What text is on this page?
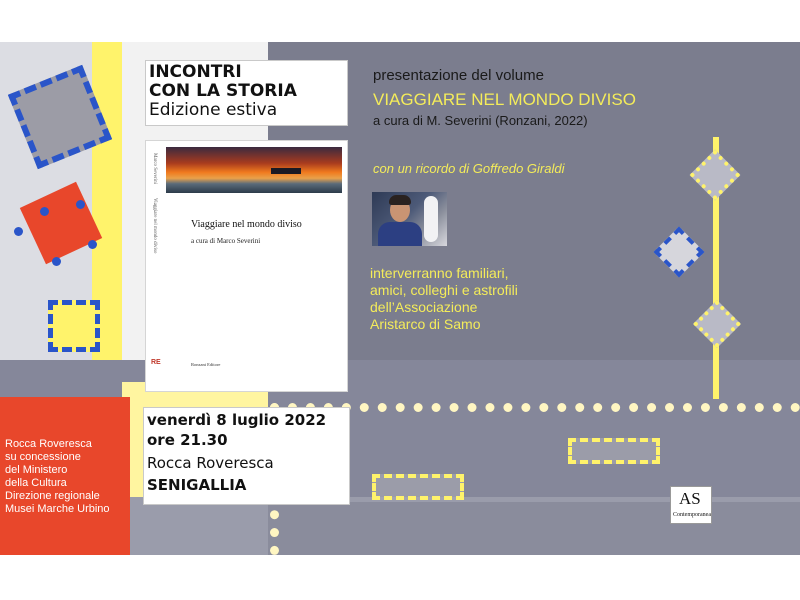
INCONTRI
CON LA STORIA
Edizione estiva
Marco Severini
Viaggiare nel mondo diviso	Viaggiare nel mondo diviso
a cura di Marco Severini
RE	Ronzani Editore
presentazione del volume
VIAGGIARE NEL MONDO DIVISO
a cura di M. Severini (Ronzani, 2022)
con un ricordo di Goffredo Giraldi
interverranno familiari,
amici, colleghi e astrofili
dell’Associazione
Aristarco di Samo
venerdì 8 luglio 2022
ore 21.30
Rocca Roveresca
SENIGALLIA
Rocca Roveresca
su concessione
del Ministero
della Cultura
Direzione regionale
Musei Marche Urbino
AS
Contemporanea
